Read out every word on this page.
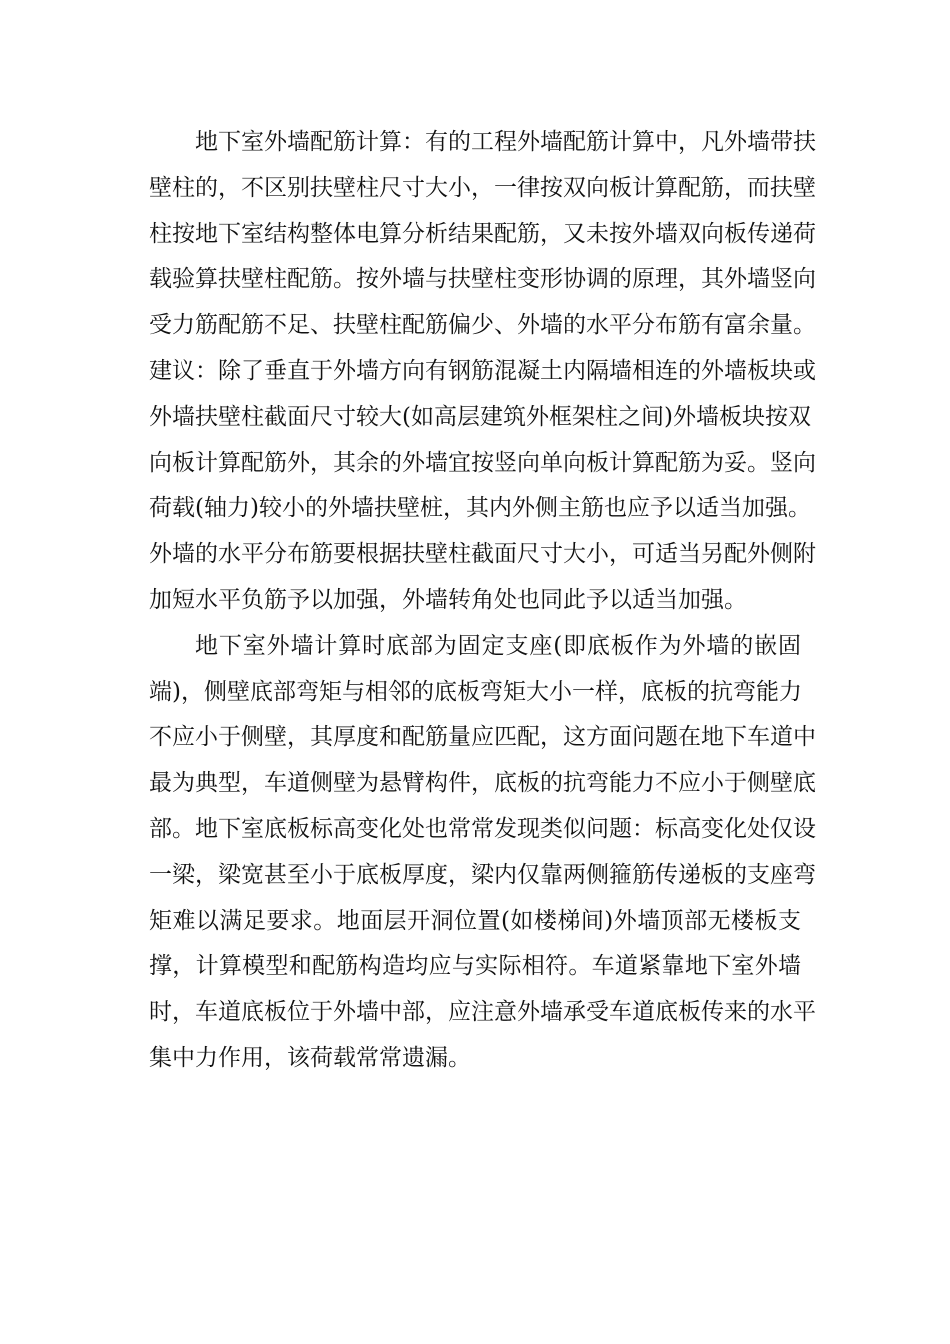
地下室外墙配筋计算：有的工程外墙配筋计算中，凡外墙带扶
壁柱的，不区别扶壁柱尺寸大小，一律按双向板计算配筋，而扶壁
柱按地下室结构整体电算分析结果配筋，又未按外墙双向板传递荷
载验算扶壁柱配筋。按外墙与扶壁柱变形协调的原理，其外墙竖向
受力筋配筋不足、扶壁柱配筋偏少、外墙的水平分布筋有富余量。
建议：除了垂直于外墙方向有钢筋混凝土内隔墙相连的外墙板块或
外墙扶壁柱截面尺寸较大(如高层建筑外框架柱之间)外墙板块按双
向板计算配筋外，其余的外墙宜按竖向单向板计算配筋为妥。竖向
荷载(轴力)较小的外墙扶壁桩，其内外侧主筋也应予以适当加强。
外墙的水平分布筋要根据扶壁柱截面尺寸大小，可适当另配外侧附
加短水平负筋予以加强，外墙转角处也同此予以适当加强。
地下室外墙计算时底部为固定支座(即底板作为外墙的嵌固
端)，侧壁底部弯矩与相邻的底板弯矩大小一样，底板的抗弯能力
不应小于侧壁，其厚度和配筋量应匹配，这方面问题在地下车道中
最为典型，车道侧壁为悬臂构件，底板的抗弯能力不应小于侧壁底
部。地下室底板标高变化处也常常发现类似问题：标高变化处仅设
一梁，梁宽甚至小于底板厚度，梁内仅靠两侧箍筋传递板的支座弯
矩难以满足要求。地面层开洞位置(如楼梯间)外墙顶部无楼板支
撑，计算模型和配筋构造均应与实际相符。车道紧靠地下室外墙
时，车道底板位于外墙中部，应注意外墙承受车道底板传来的水平
集中力作用，该荷载常常遗漏。
